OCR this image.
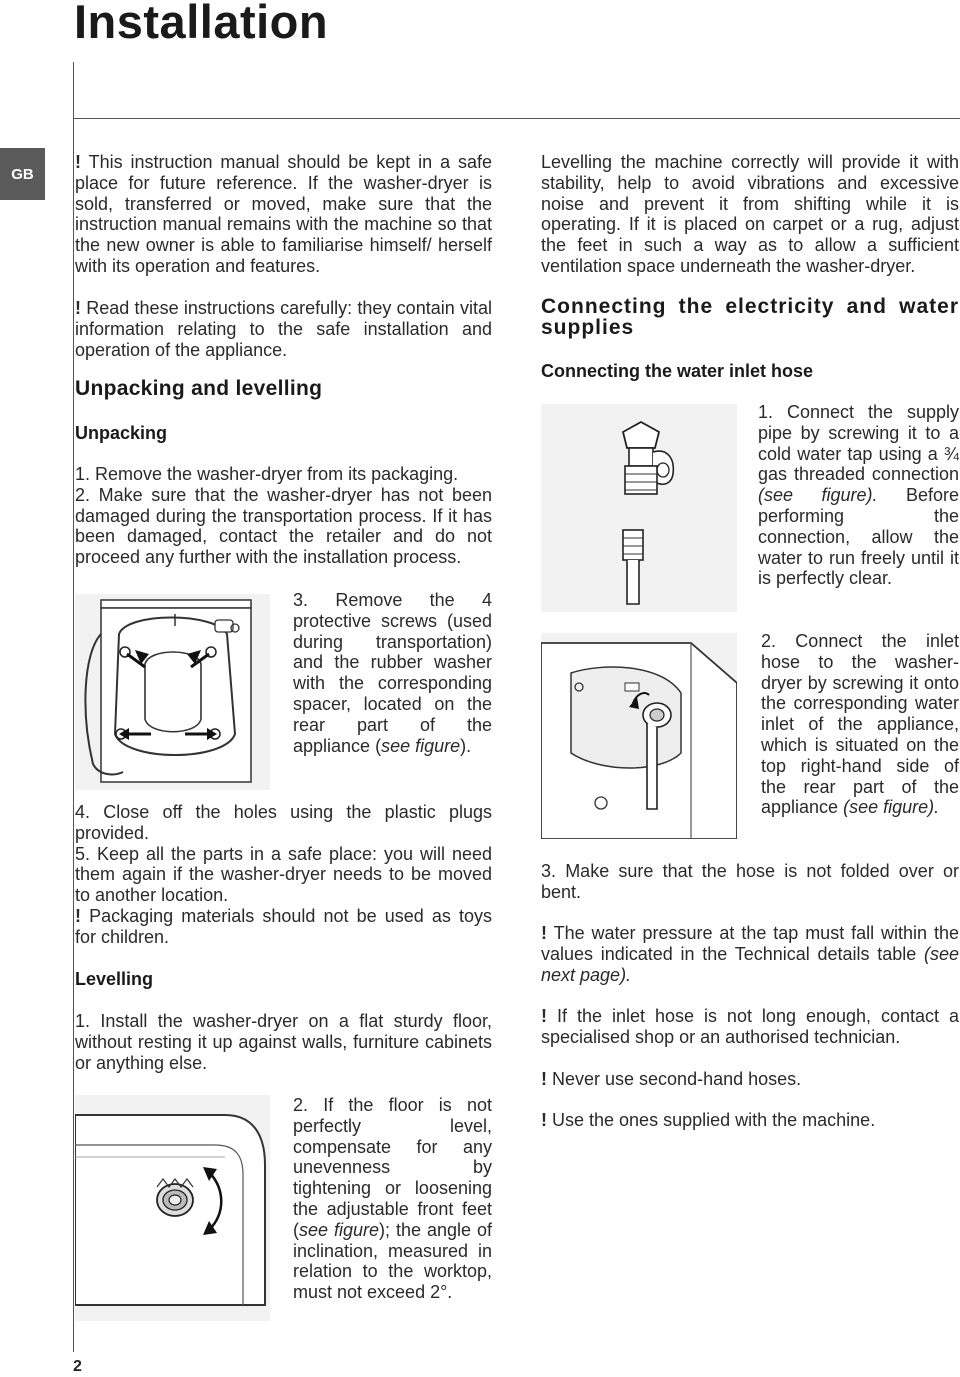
Installation
GB
! This instruction manual should be kept in a safe place for future reference. If the washer-dryer is sold, transferred or moved, make sure that the instruction manual remains with the machine so that the new owner is able to familiarise himself/ herself with its operation and features.
! Read these instructions carefully: they contain vital information relating to the safe installation and operation of the appliance.
Unpacking and levelling
Unpacking
1. Remove the washer-dryer from its packaging.
2. Make sure that the washer-dryer has not been damaged during the transportation process. If it has been damaged, contact the retailer and do not proceed any further with the installation process.
3. Remove the 4 protective screws (used during transportation) and the rubber washer with the corresponding spacer, located on the rear part of the appliance (see figure).
4. Close off the holes using the plastic plugs provided.
5. Keep all the parts in a safe place: you will need them again if the washer-dryer needs to be moved to another location.
! Packaging materials should not be used as toys for children.
Levelling
1. Install the washer-dryer on a flat sturdy floor, without resting it up against walls, furniture cabinets or anything else.
2. If the floor is not perfectly level, compensate for any unevenness by tightening or loosening the adjustable front feet (see figure); the angle of inclination, measured in relation to the worktop, must not exceed 2°.
Levelling the machine correctly will provide it with stability, help to avoid vibrations and excessive noise and prevent it from shifting while it is operating. If it is placed on carpet or a rug, adjust the feet in such a way as to allow a sufficient ventilation space underneath the washer-dryer.
Connecting the electricity and water supplies
Connecting the water inlet hose
1. Connect the supply pipe by screwing it to a cold water tap using a ¾ gas threaded connection (see figure). Before performing the connection, allow the water to run freely until it is perfectly clear.
2. Connect the inlet hose to the washer-dryer by screwing it onto the corresponding water inlet of the appliance, which is situated on the top right-hand side of the rear part of the appliance (see figure).
3. Make sure that the hose is not folded over or bent.
! The water pressure at the tap must fall within the values indicated in the Technical details table (see next page).
! If the inlet hose is not long enough, contact a specialised shop or an authorised technician.
! Never use second-hand hoses.
! Use the ones supplied with the machine.
2
